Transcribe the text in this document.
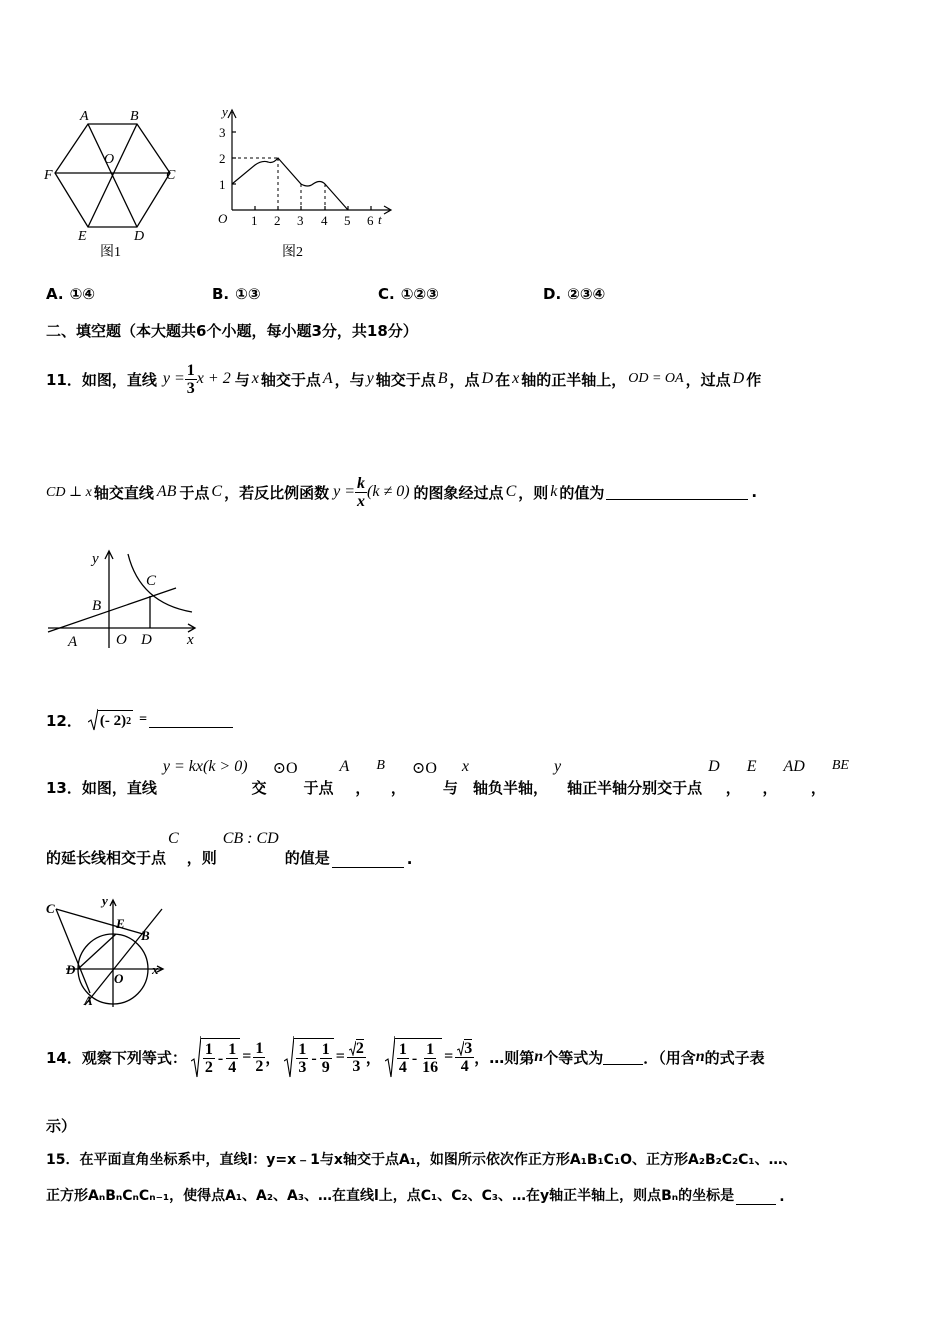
A	B
C
D
E
F
O
图1
y
3
2
1
O 1 2 3 4 5 6 t
图2
A. ①④	B. ①③	C. ①②③	D. ②③④
二、填空题（本大题共6个小题，每小题3分，共18分）
11． 如图，直线 $y = \frac{1}{3}$ x + 2 与 x 轴交于点 A ，与 y 轴交于点 B ，点 D 在 x 轴的正半轴上， OD = OA ，过点 D 作
CD ⊥ x 轴交直线 AB 于点 C ，若反比例函数 $y = \frac{k}{x} (k \ne 0)$ 的图象经过点 C ，则 k 的值为	.
y
C
B
A	O D x
12． (- 2) 2 =
13． 如图，直线
y = kx(k > 0)
交
⊙O
于点
A
，
B
，
⊙O
与
x
轴负半轴，
y
轴正半轴分别交于点
D
，
E
，
AD
，
BE
的延长线相交于点
C
，则
CB : CD
的值是	.
C
y
E
B
D
O
x
A
14． 观察下列等式： $\frac{1}{2} - \frac{1}{4} = \frac{1}{2}$ ， $\frac{1}{3} - \frac{1}{9} = \frac{2}{3}$ ， $\frac{1}{4} - \frac{1}{16} = \frac{3}{4}$ ，…则第 n 个等式为	．（用含 n 的式子表
示）
15．在平面直角坐标系中，直线l：y=x﹣1与x轴交于点A₁，如图所示依次作正方形A₁B₁C₁O、正方形A₂B₂C₂C₁、…、
正方形AₙBₙCₙCₙ₋₁，使得点A₁、A₂、A₃、…在直线l上，点C₁、C₂、C₃、…在y轴正半轴上，则点Bₙ的坐标是	.
